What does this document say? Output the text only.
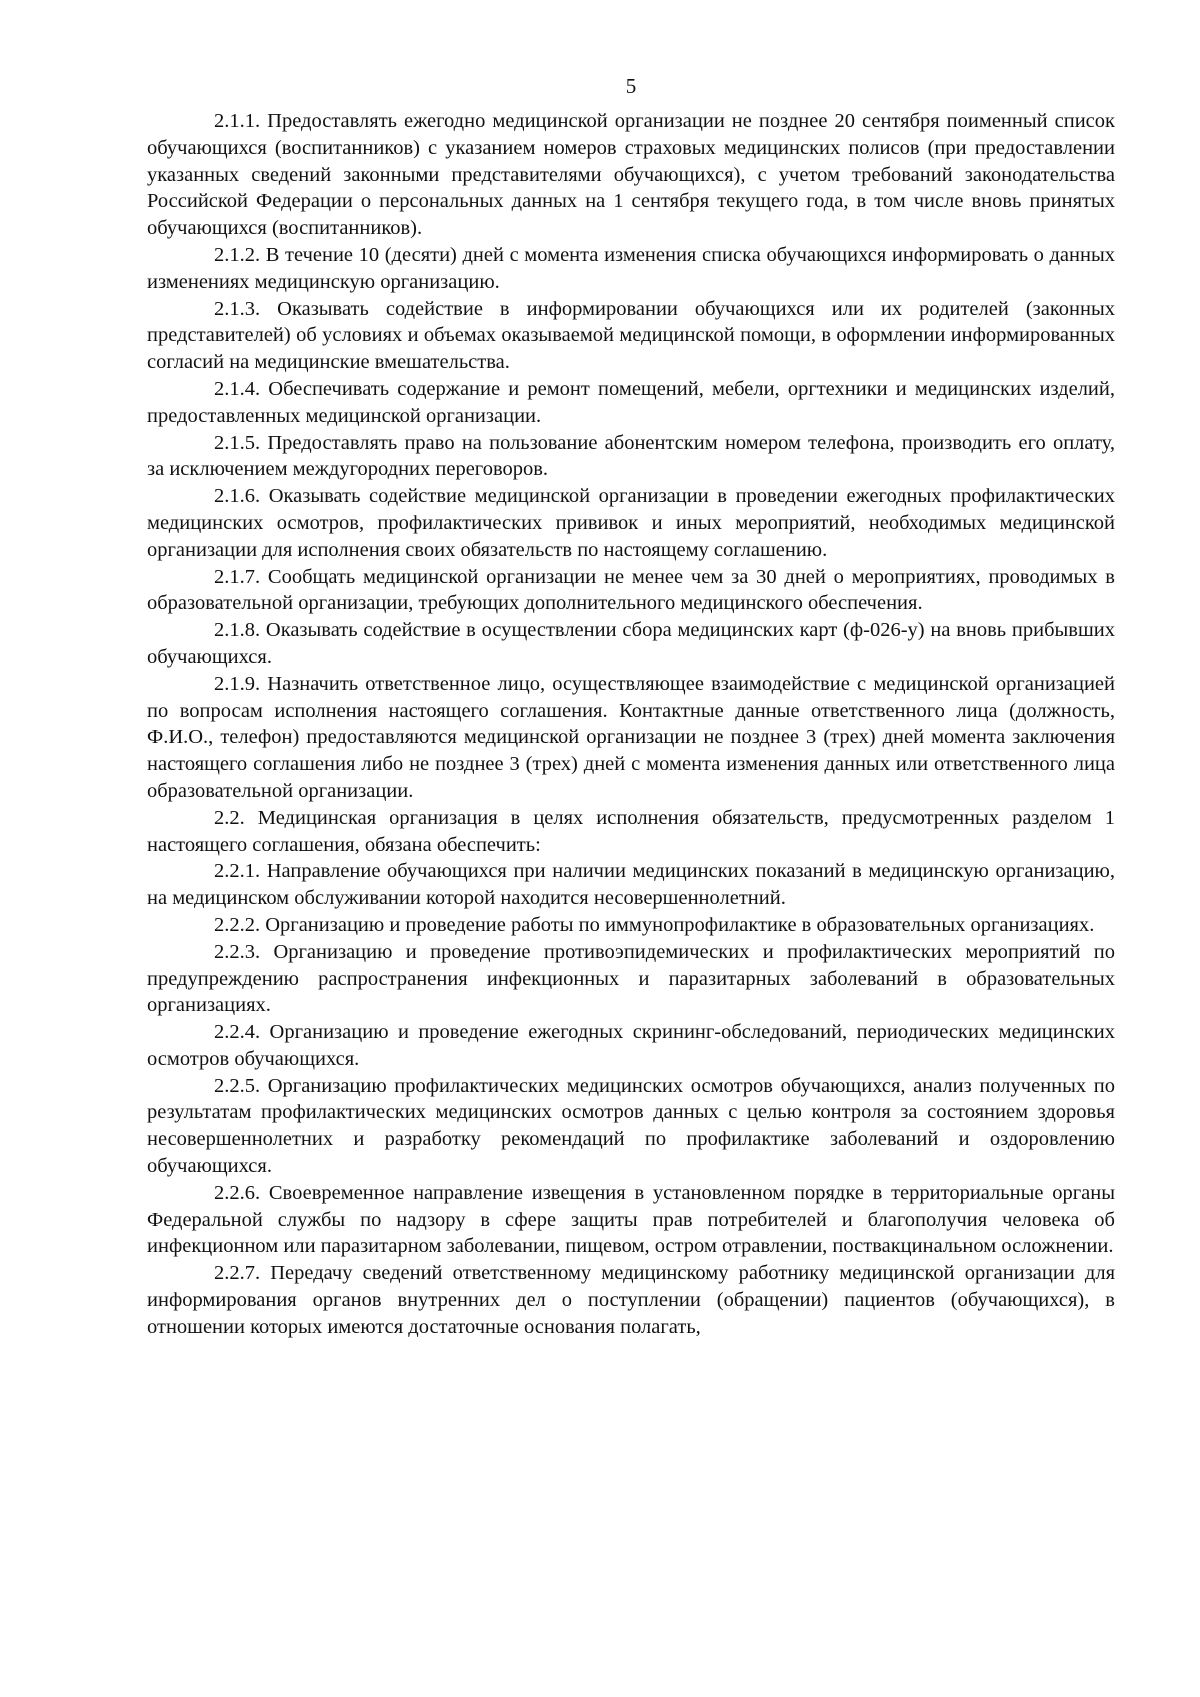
5

2.1.1. Предоставлять ежегодно медицинской организации не позднее 20 сентября поименный список обучающихся (воспитанников) с указанием номеров страховых медицинских полисов (при предоставлении указанных сведений законными представителями обучающихся), с учетом требований законодательства Российской Федерации о персональных данных на 1 сентября текущего года, в том числе вновь принятых обучающихся (воспитанников).

2.1.2. В течение 10 (десяти) дней с момента изменения списка обучающихся информировать о данных изменениях медицинскую организацию.

2.1.3. Оказывать содействие в информировании обучающихся или их родителей (законных представителей) об условиях и объемах оказываемой медицинской помощи, в оформлении информированных согласий на медицинские вмешательства.

2.1.4. Обеспечивать содержание и ремонт помещений, мебели, оргтехники и медицинских изделий, предоставленных медицинской организации.

2.1.5. Предоставлять право на пользование абонентским номером телефона, производить его оплату, за исключением междугородних переговоров.

2.1.6. Оказывать содействие медицинской организации в проведении ежегодных профилактических медицинских осмотров, профилактических прививок и иных мероприятий, необходимых медицинской организации для исполнения своих обязательств по настоящему соглашению.

2.1.7. Сообщать медицинской организации не менее чем за 30 дней о мероприятиях, проводимых в образовательной организации, требующих дополнительного медицинского обеспечения.

2.1.8. Оказывать содействие в осуществлении сбора медицинских карт (ф-026-у) на вновь прибывших обучающихся.

2.1.9. Назначить ответственное лицо, осуществляющее взаимодействие с медицинской организацией по вопросам исполнения настоящего соглашения. Контактные данные ответственного лица (должность, Ф.И.О., телефон) предоставляются медицинской организации не позднее 3 (трех) дней момента заключения настоящего соглашения либо не позднее 3 (трех) дней с момента изменения данных или ответственного лица образовательной организации.

2.2. Медицинская организация в целях исполнения обязательств, предусмотренных разделом 1 настоящего соглашения, обязана обеспечить:

2.2.1. Направление обучающихся при наличии медицинских показаний в медицинскую организацию, на медицинском обслуживании которой находится несовершеннолетний.

2.2.2. Организацию и проведение работы по иммунопрофилактике в образовательных организациях.

2.2.3. Организацию и проведение противоэпидемических и профилактических мероприятий по предупреждению распространения инфекционных и паразитарных заболеваний в образовательных организациях.

2.2.4. Организацию и проведение ежегодных скрининг-обследований, периодических медицинских осмотров обучающихся.

2.2.5. Организацию профилактических медицинских осмотров обучающихся, анализ полученных по результатам профилактических медицинских осмотров данных с целью контроля за состоянием здоровья несовершеннолетних и разработку рекомендаций по профилактике заболеваний и оздоровлению обучающихся.

2.2.6. Своевременное направление извещения в установленном порядке в территориальные органы Федеральной службы по надзору в сфере защиты прав потребителей и благополучия человека об инфекционном или паразитарном заболевании, пищевом, остром отравлении, поствакцинальном осложнении.

2.2.7. Передачу сведений ответственному медицинскому работнику медицинской организации для информирования органов внутренних дел о поступлении (обращении) пациентов (обучающихся), в отношении которых имеются достаточные основания полагать,
